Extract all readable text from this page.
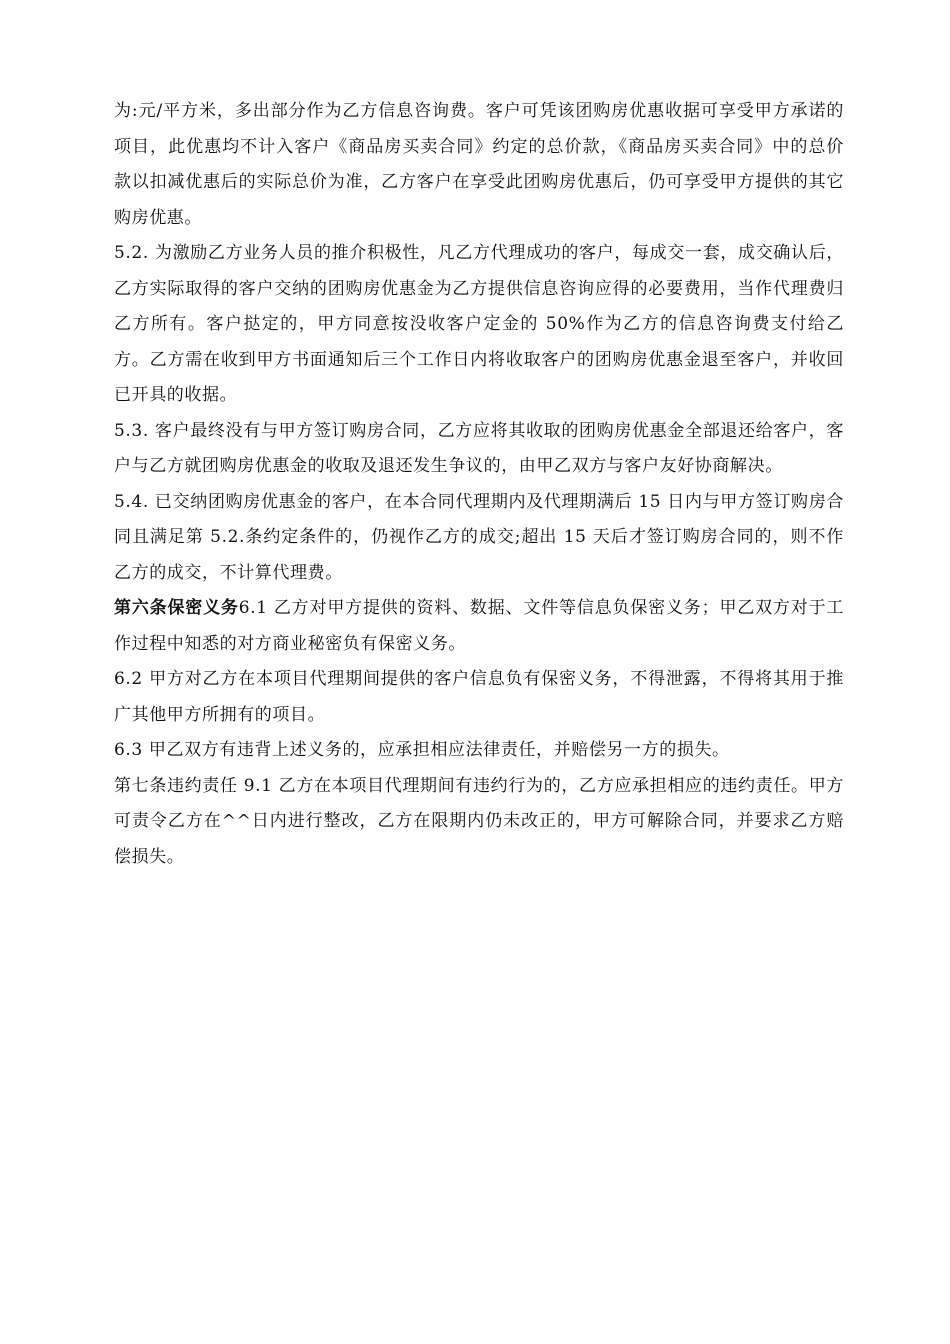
为:元/平方米，多出部分作为乙方信息咨询费。客户可凭该团购房优惠收据可享受甲方承诺的项目，此优惠均不计入客户《商品房买卖合同》约定的总价款，《商品房买卖合同》中的总价款以扣减优惠后的实际总价为准，乙方客户在享受此团购房优惠后，仍可享受甲方提供的其它购房优惠。

5.2. 为激励乙方业务人员的推介积极性，凡乙方代理成功的客户，每成交一套，成交确认后，乙方实际取得的客户交纳的团购房优惠金为乙方提供信息咨询应得的必要费用，当作代理费归乙方所有。客户挞定的，甲方同意按没收客户定金的 50%作为乙方的信息咨询费支付给乙方。乙方需在收到甲方书面通知后三个工作日内将收取客户的团购房优惠金退至客户，并收回已开具的收据。

5.3. 客户最终没有与甲方签订购房合同，乙方应将其收取的团购房优惠金全部退还给客户，客户与乙方就团购房优惠金的收取及退还发生争议的，由甲乙双方与客户友好协商解决。

5.4. 已交纳团购房优惠金的客户，在本合同代理期内及代理期满后 15 日内与甲方签订购房合同且满足第 5.2.条约定条件的，仍视作乙方的成交;超出 15 天后才签订购房合同的，则不作乙方的成交，不计算代理费。

第六条保密义务6.1 乙方对甲方提供的资料、数据、文件等信息负保密义务；甲乙双方对于工作过程中知悉的对方商业秘密负有保密义务。

6.2 甲方对乙方在本项目代理期间提供的客户信息负有保密义务，不得泄露，不得将其用于推广其他甲方所拥有的项目。

6.3 甲乙双方有违背上述义务的，应承担相应法律责任，并赔偿另一方的损失。

第七条违约责任 9.1 乙方在本项目代理期间有违约行为的，乙方应承担相应的违约责任。甲方可责令乙方在^^日内进行整改，乙方在限期内仍未改正的，甲方可解除合同，并要求乙方赔偿损失。
